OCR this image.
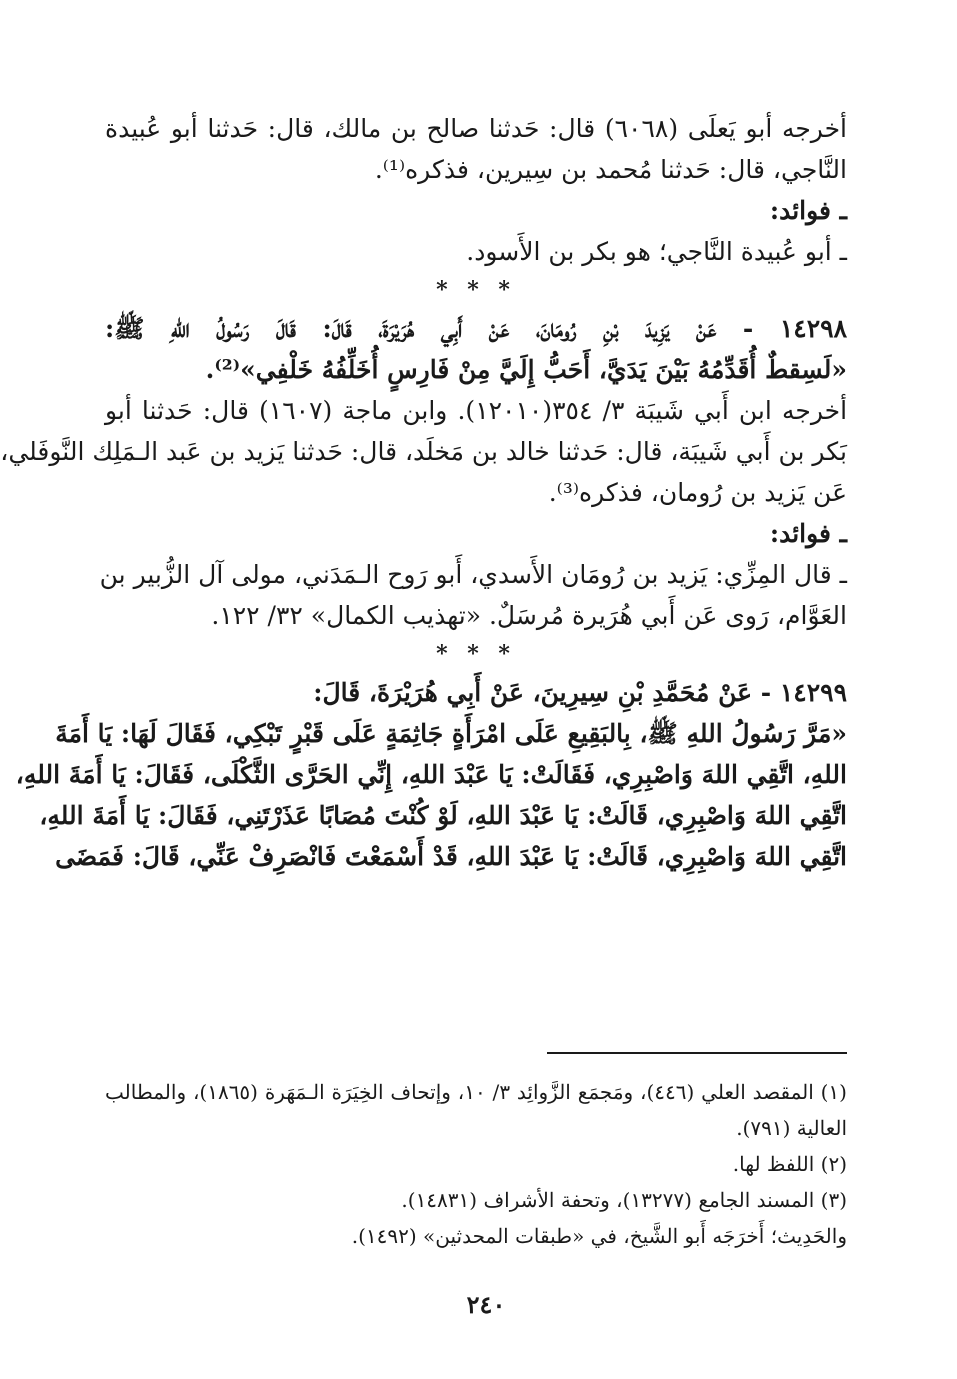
أخرجه أبو يَعلَى (٦٠٦٨) قال: حَدثنا صالح بن مالك، قال: حَدثنا أبو عُبيدة
النَّاجي، قال: حَدثنا مُحمد بن سِيرين، فذكره⁽¹⁾.
ـ فوائد:
ـ أبو عُبيدة النَّاجي؛ هو بكر بن الأَسود.
* * *
١٤٢٩٨ - عَنْ يَزِيدَ بْنِ رُومَانَ، عَنْ أَبِي هُرَيْرَةَ، قَالَ: قَالَ رَسُولُ اللهِ ﷺ:
«لَسِقطٌ أُقَدِّمُهُ بَيْنَ يَدَيَّ، أَحَبُّ إِلَيَّ مِنْ فَارِسٍ أُخَلِّفُهُ خَلْفِي»⁽²⁾.
أخرجه ابن أَبي شَيبَة ٣/ ٣٥٤(١٢٠١٠). وابن ماجة (١٦٠٧) قال: حَدثنا أبو
بَكر بن أَبي شَيبَة، قال: حَدثنا خالد بن مَخلَد، قال: حَدثنا يَزيد بن عَبد الـمَلِك النَّوفَلي،
عَن يَزيد بن رُومان، فذكره⁽³⁾.
ـ فوائد:
ـ قال المِزِّي: يَزيد بن رُومَان الأَسدي، أَبو رَوح الـمَدَني، مولى آل الزُّبير بن
العَوَّام، رَوى عَن أَبي هُرَيرة مُرسَلٌ. «تهذيب الكمال» ٣٢/ ١٢٢.
* * *
١٤٢٩٩ - عَنْ مُحَمَّدِ بْنِ سِيرِينَ، عَنْ أَبِي هُرَيْرَةَ، قَالَ:
«مَرَّ رَسُولُ اللهِ ﷺ، بِالبَقِيعِ عَلَى امْرَأَةٍ جَاثِمَةٍ عَلَى قَبْرٍ تَبْكِي، فَقَالَ لَهَا: يَا أَمَةَ
اللهِ، اتَّقِي اللهَ وَاصْبِرِي، فَقَالَتْ: يَا عَبْدَ اللهِ، إِنِّي الحَرَّى الثَّكْلَى، فَقَالَ: يَا أَمَةَ اللهِ،
اتَّقِي اللهَ وَاصْبِرِي، قَالَتْ: يَا عَبْدَ اللهِ، لَوْ كُنْتَ مُصَابًا عَذَرْتَنِي، فَقَالَ: يَا أَمَةَ اللهِ،
اتَّقِي اللهَ وَاصْبِرِي، قَالَتْ: يَا عَبْدَ اللهِ، قَدْ أَسْمَعْتَ فَانْصَرِفْ عَنِّي، قَالَ: فَمَضَى
(١) المقصد العلي (٤٤٦)، ومَجمَع الزَّوائِد ٣/ ١٠، وإتحاف الخِيَرَة الـمَهَرة (١٨٦٥)، والمطالب
العالية (٧٩١).
(٢) اللفظ لها.
(٣) المسند الجامع (١٣٢٧٧)، وتحفة الأشراف (١٤٨٣١).
والحَدِيث؛ أَخرَجَه أَبو الشَّيخ، في «طبقات المحدثين» (١٤٩٢).
٢٤٠
